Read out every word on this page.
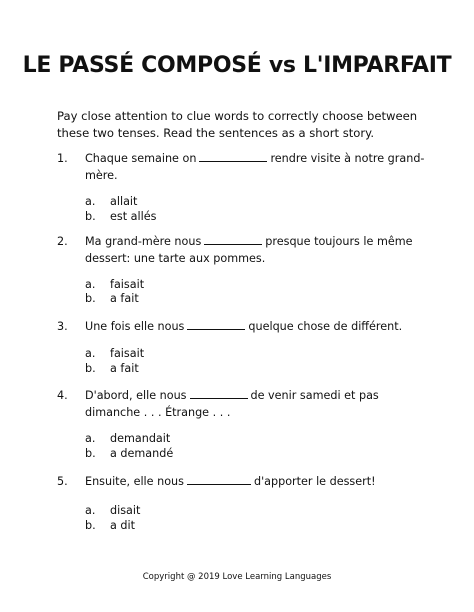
LE PASSÉ COMPOSÉ vs L'IMPARFAIT
Pay close attention to clue words to correctly choose between these two tenses. Read the sentences as a short story.
1. Chaque semaine on	rendre visite à notre grand-mère.
a. allait
b. est allés
2. Ma grand-mère nous	presque toujours le même dessert: une tarte aux pommes.
a. faisait
b. a fait
3. Une fois elle nous	quelque chose de différent.
a. faisait
b. a fait
4. D'abord, elle nous	de venir samedi et pas dimanche . . . Étrange . . .
a. demandait
b. a demandé
5. Ensuite, elle nous	d'apporter le dessert!
a. disait
b. a dit
Copyright @ 2019 Love Learning Languages
